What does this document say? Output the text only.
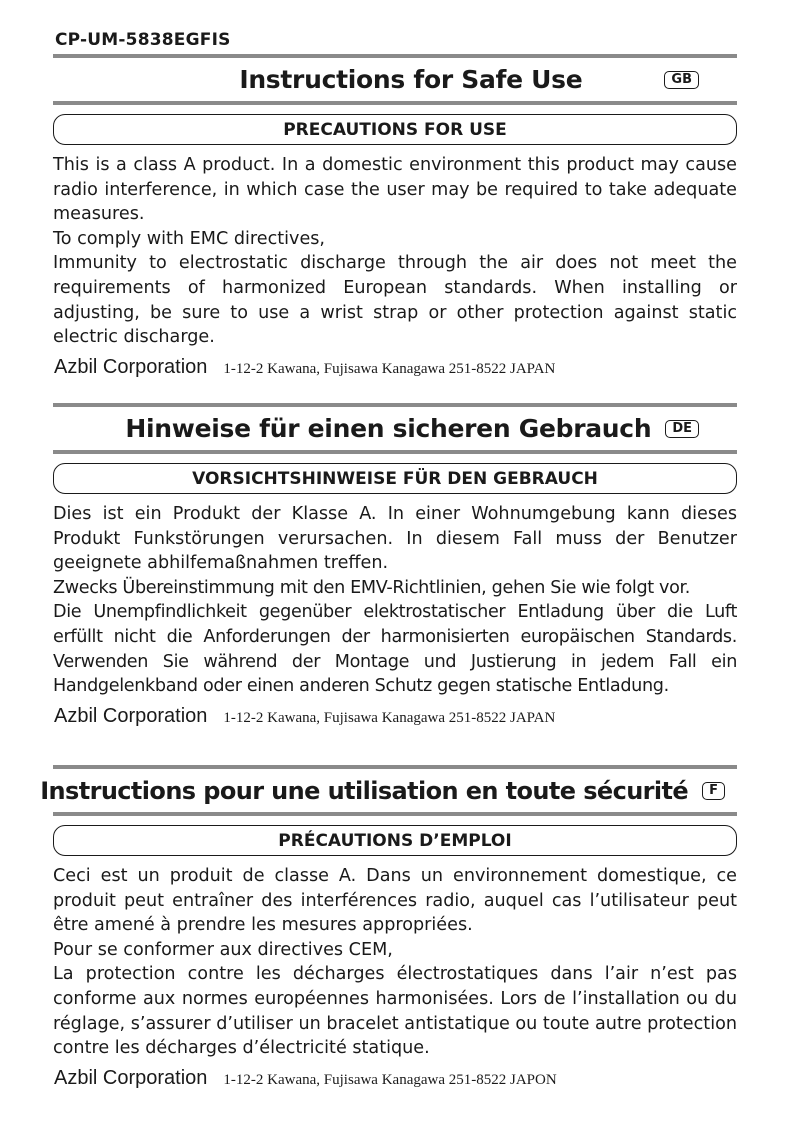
CP-UM-5838EGFIS
Instructions for Safe Use	GB
PRECAUTIONS FOR USE

This is a class A product. In a domestic environment this product may cause radio interference, in which case the user may be required to take adequate measures.

To comply with EMC directives,

Immunity to electrostatic discharge through the air does not meet the requirements of harmonized European standards. When installing or adjusting, be sure to use a wrist strap or other protection against static electric discharge.

Azbil Corporation 1-12-2 Kawana, Fujisawa Kanagawa 251-8522 JAPAN
Hinweise für einen sicheren Gebrauch	DE
VORSICHTSHINWEISE FÜR DEN GEBRAUCH

Dies ist ein Produkt der Klasse A. In einer Wohnumgebung kann dieses Produkt Funkstörungen verursachen. In diesem Fall muss der Benutzer geeignete abhilfemaßnahmen treffen.

Zwecks Übereinstimmung mit den EMV-Richtlinien, gehen Sie wie folgt vor.

Die Unempfindlichkeit gegenüber elektrostatischer Entladung über die Luft erfüllt nicht die Anforderungen der harmonisierten europäischen Standards. Verwenden Sie während der Montage und Justierung in jedem Fall ein Handgelenkband oder einen anderen Schutz gegen statische Entladung.

Azbil Corporation 1-12-2 Kawana, Fujisawa Kanagawa 251-8522 JAPAN
Instructions pour une utilisation en toute sécurité	F
PRÉCAUTIONS D’EMPLOI

Ceci est un produit de classe A. Dans un environnement domestique, ce produit peut entraîner des interférences radio, auquel cas l’utilisateur peut être amené à prendre les mesures appropriées.

Pour se conformer aux directives CEM,

La protection contre les décharges électrostatiques dans l’air n’est pas conforme aux normes européennes harmonisées. Lors de l’installation ou du réglage, s’assurer d’utiliser un bracelet antistatique ou toute autre protection contre les décharges d’électricité statique.

Azbil Corporation 1-12-2 Kawana, Fujisawa Kanagawa 251-8522 JAPON
